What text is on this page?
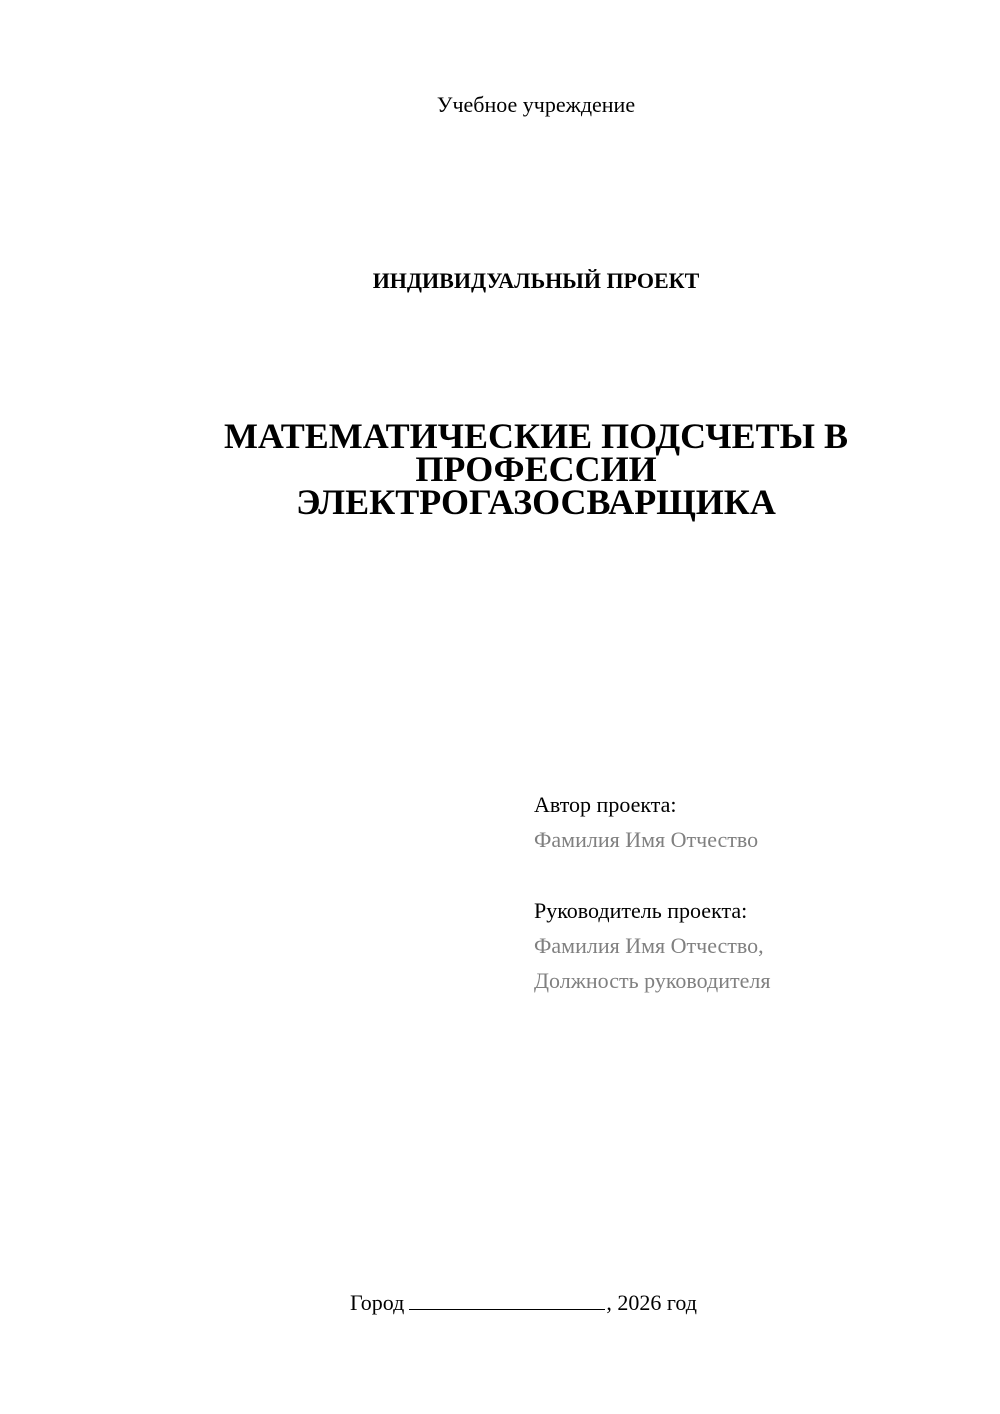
Учебное учреждение
ИНДИВИДУАЛЬНЫЙ ПРОЕКТ
МАТЕМАТИЧЕСКИЕ ПОДСЧЕТЫ В
ПРОФЕССИИ
ЭЛЕКТРОГАЗОСВАРЩИКА
Автор проекта:
Фамилия Имя Отчество
Руководитель проекта:
Фамилия Имя Отчество,
Должность руководителя
Город	, 2026 год
